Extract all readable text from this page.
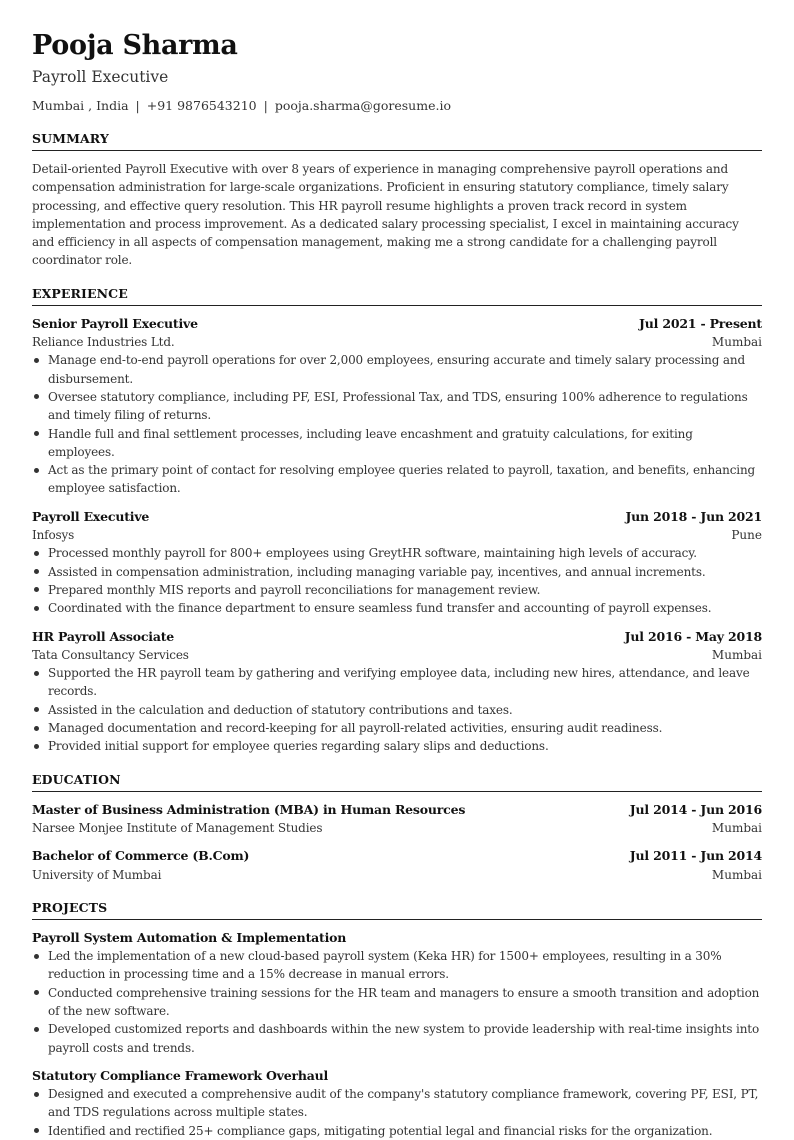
Pooja Sharma
Payroll Executive
Mumbai , India | +91 9876543210 | pooja.sharma@goresume.io
SUMMARY
Detail-oriented Payroll Executive with over 8 years of experience in managing comprehensive payroll operations and compensation administration for large-scale organizations. Proficient in ensuring statutory compliance, timely salary processing, and effective query resolution. This HR payroll resume highlights a proven track record in system implementation and process improvement. As a dedicated salary processing specialist, I excel in maintaining accuracy and efficiency in all aspects of compensation management, making me a strong candidate for a challenging payroll coordinator role.
EXPERIENCE
Senior Payroll Executive	Jul 2021 - Present
Reliance Industries Ltd.	Mumbai
Manage end-to-end payroll operations for over 2,000 employees, ensuring accurate and timely salary processing and disbursement.
Oversee statutory compliance, including PF, ESI, Professional Tax, and TDS, ensuring 100% adherence to regulations and timely filing of returns.
Handle full and final settlement processes, including leave encashment and gratuity calculations, for exiting employees.
Act as the primary point of contact for resolving employee queries related to payroll, taxation, and benefits, enhancing employee satisfaction.
Payroll Executive	Jun 2018 - Jun 2021
Infosys	Pune
Processed monthly payroll for 800+ employees using GreytHR software, maintaining high levels of accuracy.
Assisted in compensation administration, including managing variable pay, incentives, and annual increments.
Prepared monthly MIS reports and payroll reconciliations for management review.
Coordinated with the finance department to ensure seamless fund transfer and accounting of payroll expenses.
HR Payroll Associate	Jul 2016 - May 2018
Tata Consultancy Services	Mumbai
Supported the HR payroll team by gathering and verifying employee data, including new hires, attendance, and leave records.
Assisted in the calculation and deduction of statutory contributions and taxes.
Managed documentation and record-keeping for all payroll-related activities, ensuring audit readiness.
Provided initial support for employee queries regarding salary slips and deductions.
EDUCATION
Master of Business Administration (MBA) in Human Resources	Jul 2014 - Jun 2016
Narsee Monjee Institute of Management Studies	Mumbai
Bachelor of Commerce (B.Com)	Jul 2011 - Jun 2014
University of Mumbai	Mumbai
PROJECTS
Payroll System Automation & Implementation
Led the implementation of a new cloud-based payroll system (Keka HR) for 1500+ employees, resulting in a 30% reduction in processing time and a 15% decrease in manual errors.
Conducted comprehensive training sessions for the HR team and managers to ensure a smooth transition and adoption of the new software.
Developed customized reports and dashboards within the new system to provide leadership with real-time insights into payroll costs and trends.
Statutory Compliance Framework Overhaul
Designed and executed a comprehensive audit of the company's statutory compliance framework, covering PF, ESI, PT, and TDS regulations across multiple states.
Identified and rectified 25+ compliance gaps, mitigating potential legal and financial risks for the organization.
